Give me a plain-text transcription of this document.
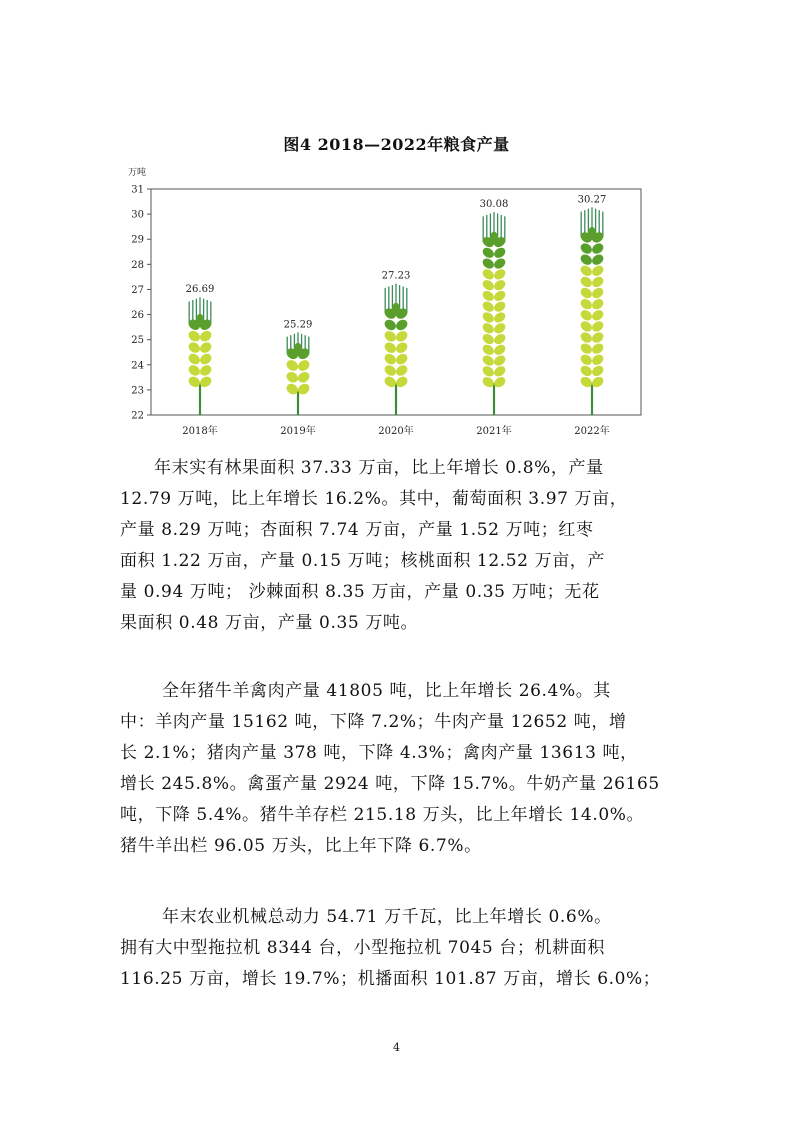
图4 2018—2022年粮食产量
万吨
22
23
24
25
26
27
28
29
30
31
2018年	2019年	2020年	2021年	2022年
26.69
25.29
27.23
30.08	30.27

年末实有林果面积 37.33 万亩，比上年增长 0.8%，产量
12.79 万吨，比上年增长 16.2%。其中，葡萄面积 3.97 万亩，
产量 8.29 万吨；杏面积 7.74 万亩，产量 1.52 万吨；红枣
面积 1.22 万亩，产量 0.15 万吨；核桃面积 12.52 万亩，产
量 0.94 万吨； 沙棘面积 8.35 万亩，产量 0.35 万吨；无花
果面积 0.48 万亩，产量 0.35 万吨。

全年猪牛羊禽肉产量 41805 吨，比上年增长 26.4%。其
中：羊肉产量 15162 吨，下降 7.2%；牛肉产量 12652 吨，增
长 2.1%；猪肉产量 378 吨，下降 4.3%；禽肉产量 13613 吨，
增长 245.8%。禽蛋产量 2924 吨，下降 15.7%。牛奶产量 26165
吨，下降 5.4%。猪牛羊存栏 215.18 万头，比上年增长 14.0%。
猪牛羊出栏 96.05 万头，比上年下降 6.7%。

年末农业机械总动力 54.71 万千瓦，比上年增长 0.6%。
拥有大中型拖拉机 8344 台，小型拖拉机 7045 台；机耕面积
116.25 万亩，增长 19.7%；机播面积 101.87 万亩，增长 6.0%；

4
